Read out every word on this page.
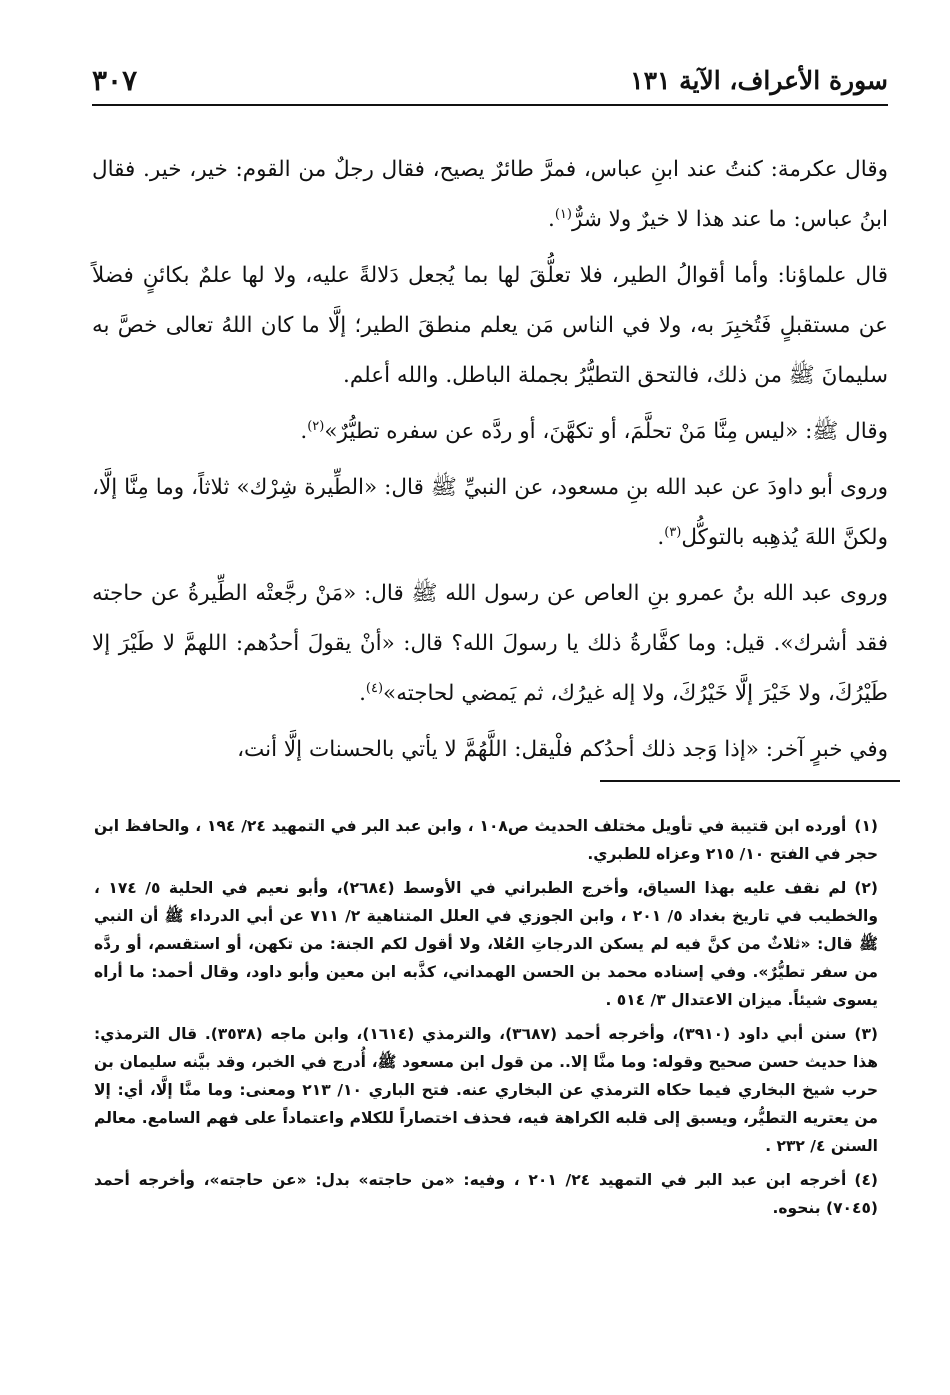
سورة الأعراف، الآية ١٣١
٣٠٧

وقال عكرمة: كنتُ عند ابنِ عباس، فمرَّ طائرٌ يصيح، فقال رجلٌ من القوم: خير، خير. فقال ابنُ عباس: ما عند هذا لا خيرٌ ولا شرٌّ$^{(١)}$.

قال علماؤنا: وأما أقوالُ الطير، فلا تعلُّقَ لها بما يُجعل دَلالةً عليه، ولا لها علمٌ بكائنٍ فضلاً عن مستقبلٍ فَتُخبِرَ به، ولا في الناس مَن يعلم منطقَ الطير؛ إلَّا ما كان اللهُ تعالى خصَّ به سليمانَ ﷺ من ذلك، فالتحق التطيُّرُ بجملة الباطل. والله أعلم.

وقال ﷺ: «ليس مِنَّا مَنْ تحلَّمَ، أو تكهَّنَ، أو ردَّه عن سفره تطيُّرٌ»$^{(٢)}$.

وروى أبو داودَ عن عبد الله بنِ مسعود، عن النبيِّ ﷺ قال: «الطِّيرة شِرْك» ثلاثاً، وما مِنَّا إلَّا، ولكنَّ اللهَ يُذهِبه بالتوكُّل$^{(٣)}$.

وروى عبد الله بنُ عمرو بنِ العاص عن رسول الله ﷺ قال: «مَنْ رجَّعتْه الطِّيرةُ عن حاجته فقد أشرك». قيل: وما كفَّارةُ ذلك يا رسولَ الله؟ قال: «أنْ يقولَ أحدُهم: اللهمَّ لا طَيْرَ إلا طَيْرُكَ، ولا خَيْرَ إلَّا خَيْرُكَ، ولا إله غيرُك، ثم يَمضي لحاجته»$^{(٤)}$.

وفي خبرٍ آخر: «إذا وَجد ذلك أحدُكم فلْيقل: اللَّهُمَّ لا يأتي بالحسنات إلَّا أنت،

(١)أورده ابن قتيبة في تأويل مختلف الحديث ص١٠٨ ، وابن عبد البر في التمهيد ٢٤/ ١٩٤ ، والحافظ ابن حجر في الفتح ١٠/ ٢١٥ وعزاه للطبري.

(٢)لم نقف عليه بهذا السياق، وأخرج الطبراني في الأوسط (٢٦٨٤)، وأبو نعيم في الحلية ٥/ ١٧٤ ، والخطيب في تاريخ بغداد ٥/ ٢٠١ ، وابن الجوزي في العلل المتناهية ٢/ ٧١١ عن أبي الدرداء ﷺ أن النبي ﷺ قال: «ثلاثٌ من كنَّ فيه لم يسكن الدرجاتِ العُلا، ولا أقول لكم الجنة: من تكهن، أو استقسم، أو ردَّه من سفر تطيُّرٌ». وفي إسناده محمد بن الحسن الهمداني، كذَّبه ابن معين وأبو داود، وقال أحمد: ما أراه يسوى شيئاً. ميزان الاعتدال ٣/ ٥١٤ .

(٣)سنن أبي داود (٣٩١٠)، وأخرجه أحمد (٣٦٨٧)، والترمذي (١٦١٤)، وابن ماجه (٣٥٣٨). قال الترمذي: هذا حديث حسن صحيح وقوله: وما منَّا إلا.. من قول ابن مسعود ﷺ، أُدرج في الخبر، وقد بيَّنه سليمان بن حرب شيخ البخاري فيما حكاه الترمذي عن البخاري عنه. فتح الباري ١٠/ ٢١٣ ومعنى: وما منَّا إلَّا، أي: إلا من يعتريه التطيُّر، ويسبق إلى قلبه الكراهة فيه، فحذف اختصاراً للكلام واعتماداً على فهم السامع. معالم السنن ٤/ ٢٣٢ .

(٤)أخرجه ابن عبد البر في التمهيد ٢٤/ ٢٠١ ، وفيه: «من حاجته» بدل: «عن حاجته»، وأخرجه أحمد (٧٠٤٥) بنحوه.
